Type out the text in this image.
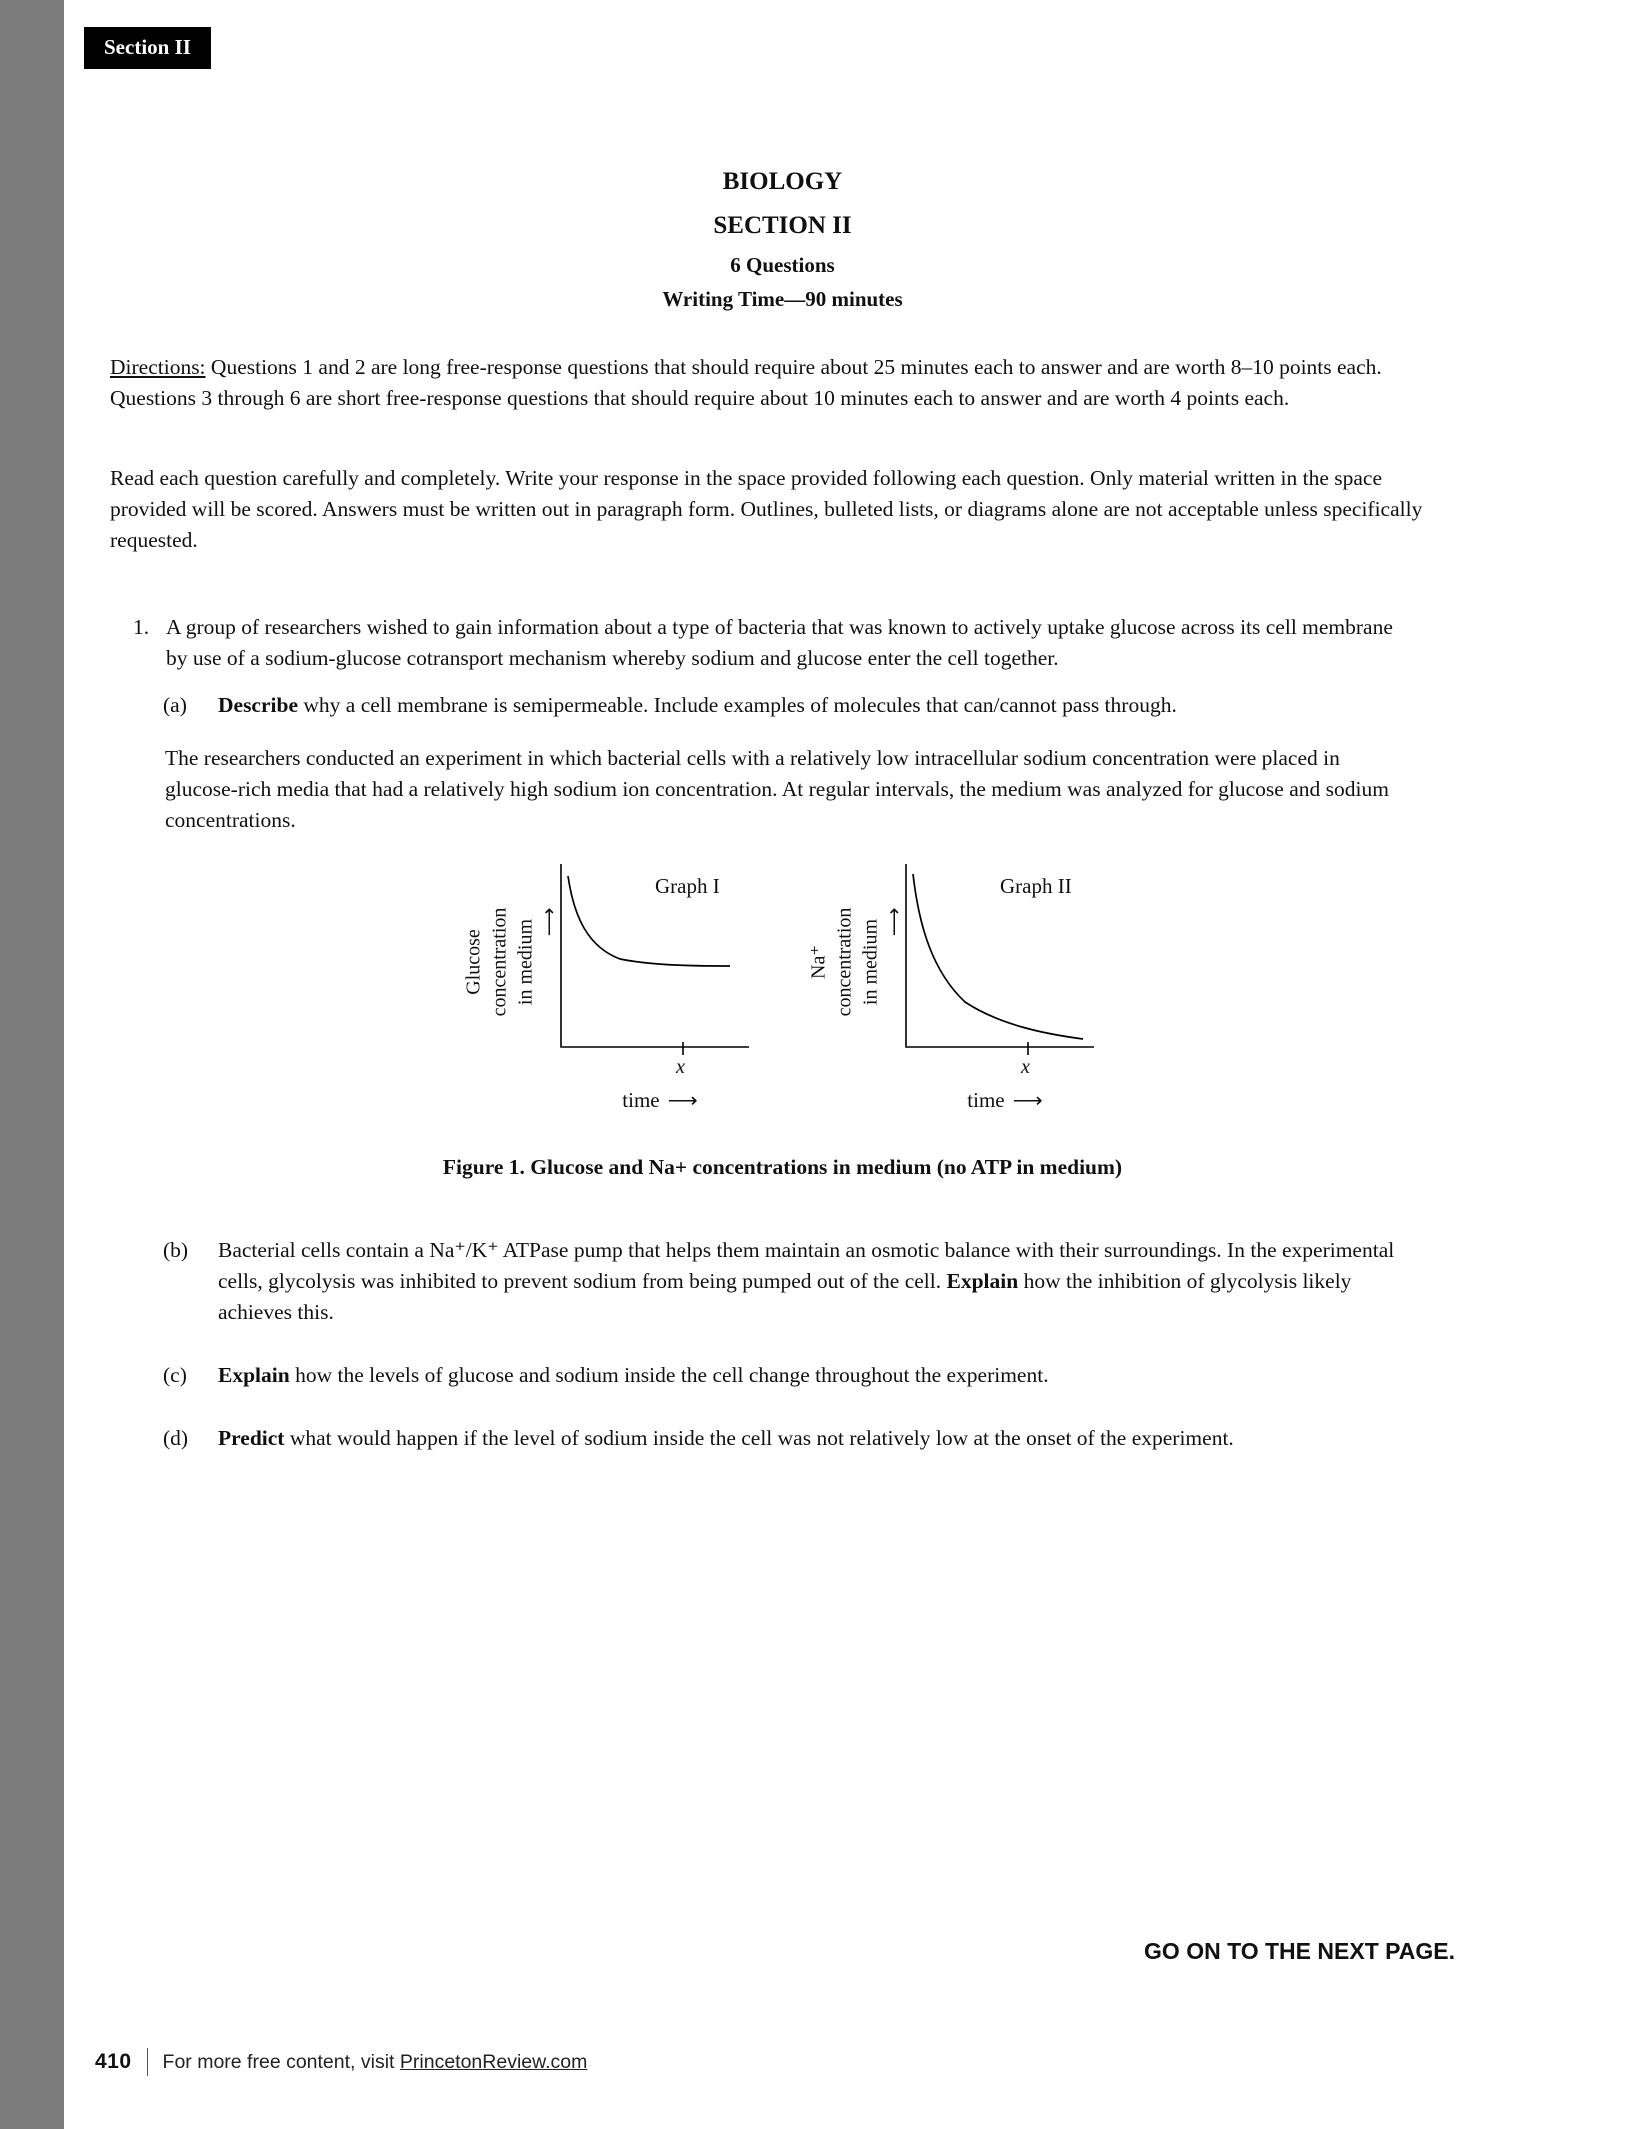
Section II
BIOLOGY
SECTION II
6 Questions
Writing Time—90 minutes

Directions: Questions 1 and 2 are long free-response questions that should require about 25 minutes each to answer and are worth 8–10 points each. Questions 3 through 6 are short free-response questions that should require about 10 minutes each to answer and are worth 4 points each.

Read each question carefully and completely. Write your response in the space provided following each question. Only material written in the space provided will be scored. Answers must be written out in paragraph form. Outlines, bulleted lists, or diagrams alone are not acceptable unless specifically requested.

1. A group of researchers wished to gain information about a type of bacteria that was known to actively uptake glucose across its cell membrane by use of a sodium-glucose cotransport mechanism whereby sodium and glucose enter the cell together.
(a)	Describe why a cell membrane is semipermeable. Include examples of molecules that can/cannot pass through.

The researchers conducted an experiment in which bacterial cells with a relatively low intracellular sodium concentration were placed in glucose-rich media that had a relatively high sodium ion concentration. At regular intervals, the medium was analyzed for glucose and sodium concentrations.

Glucose concentration in medium ⟶
Graph I
x
time ⟶
Na⁺ concentration in medium ⟶
Graph II
x
time ⟶
Figure 1. Glucose and Na+ concentrations in medium (no ATP in medium)
(b)	Bacterial cells contain a Na⁺/K⁺ ATPase pump that helps them maintain an osmotic balance with their surroundings. In the experimental cells, glycolysis was inhibited to prevent sodium from being pumped out of the cell. Explain how the inhibition of glycolysis likely achieves this.
(c)	Explain how the levels of glucose and sodium inside the cell change throughout the experiment.
(d)	Predict what would happen if the level of sodium inside the cell was not relatively low at the onset of the experiment.
GO ON TO THE NEXT PAGE.
410 For more free content, visit PrincetonReview.com
